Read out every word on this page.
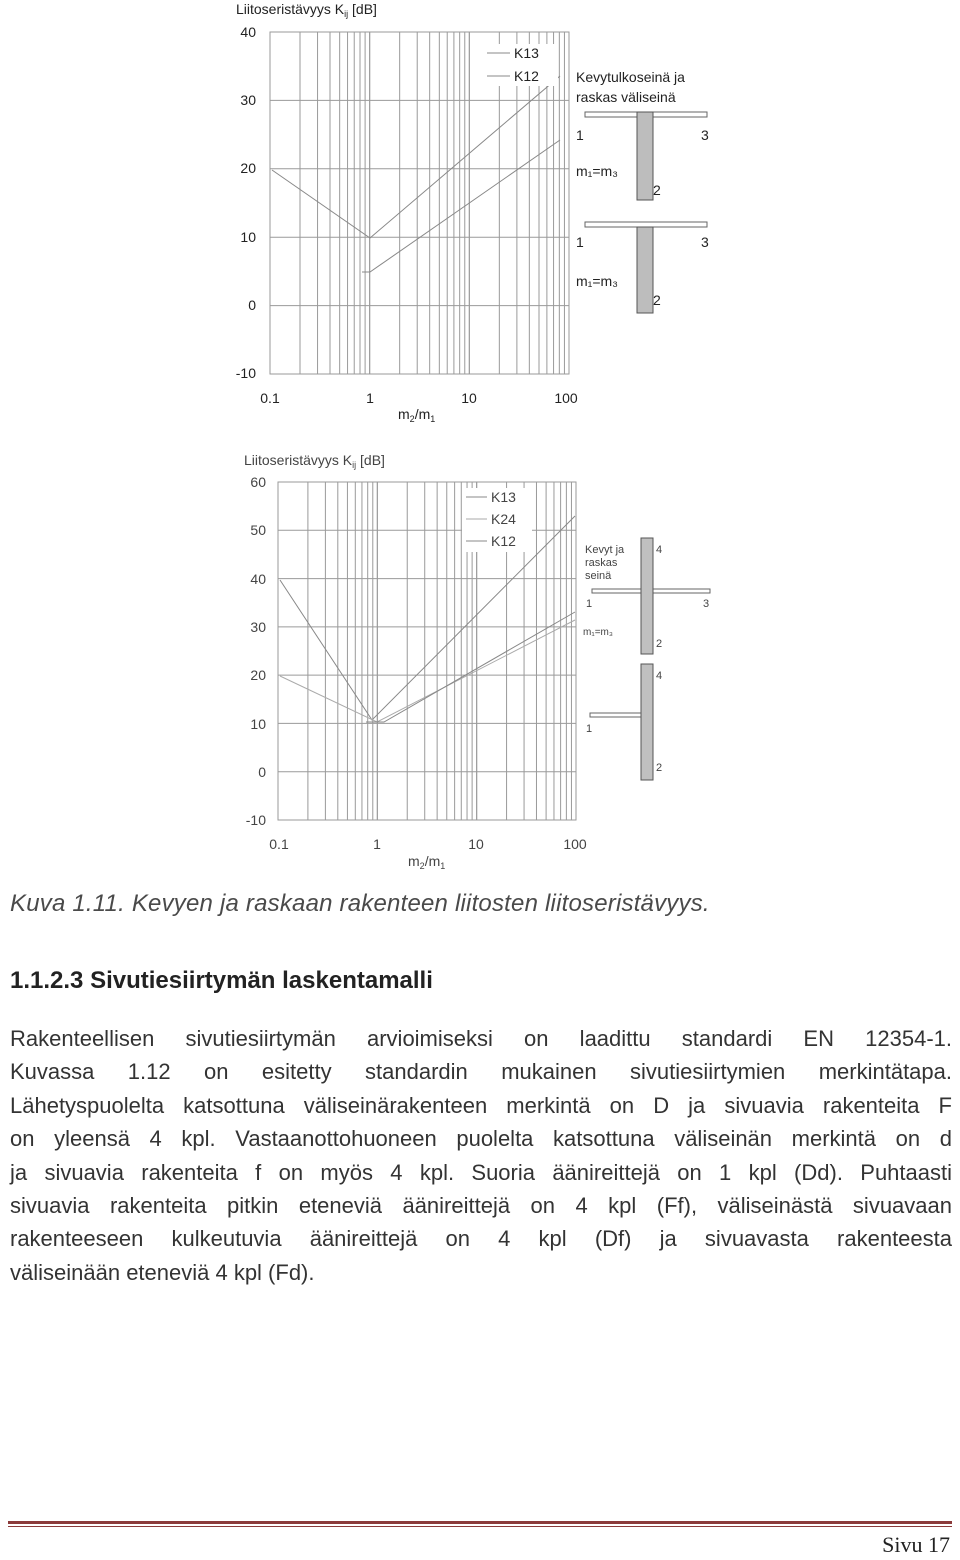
Liitoseristävyys $K_{ij}$ [dB]
40
30
20
10
0
-10
0.1	1	10	100
$m_2/m_1$
K13
K12	Kevytulkoseinä ja
raskas väliseinä
1	3
m₁=m₃
2
1	3
m₁=m₃
2
Liitoseristävyys $K_{ij}$ [dB]
60
50
40
30
20
10
0
-10
0.1	1	10	100
$m_2/m_1$
K13
K24
K12
Kevyt ja
raskas
seinä
4
1	3
m₁=m₃
2
4
1
2
Kuva 1.11. Kevyen ja raskaan rakenteen liitosten liitoseristävyys.
1.1.2.3 Sivutiesiirtymän laskentamalli
Rakenteellisen sivutiesiirtymän arvioimiseksi on laadittu standardi EN 12354-1.
Kuvassa 1.12 on esitetty standardin mukainen sivutiesiirtymien merkintätapa.
Lähetyspuolelta katsottuna väliseinärakenteen merkintä on D ja sivuavia rakenteita F
on yleensä 4 kpl. Vastaanottohuoneen puolelta katsottuna väliseinän merkintä on d
ja sivuavia rakenteita f on myös 4 kpl. Suoria äänireittejä on 1 kpl (Dd). Puhtaasti
sivuavia rakenteita pitkin eteneviä äänireittejä on 4 kpl (Ff), väliseinästä sivuavaan
rakenteeseen kulkeutuvia äänireittejä on 4 kpl (Df) ja sivuavasta rakenteesta
väliseinään eteneviä 4 kpl (Fd).
Sivu 17
